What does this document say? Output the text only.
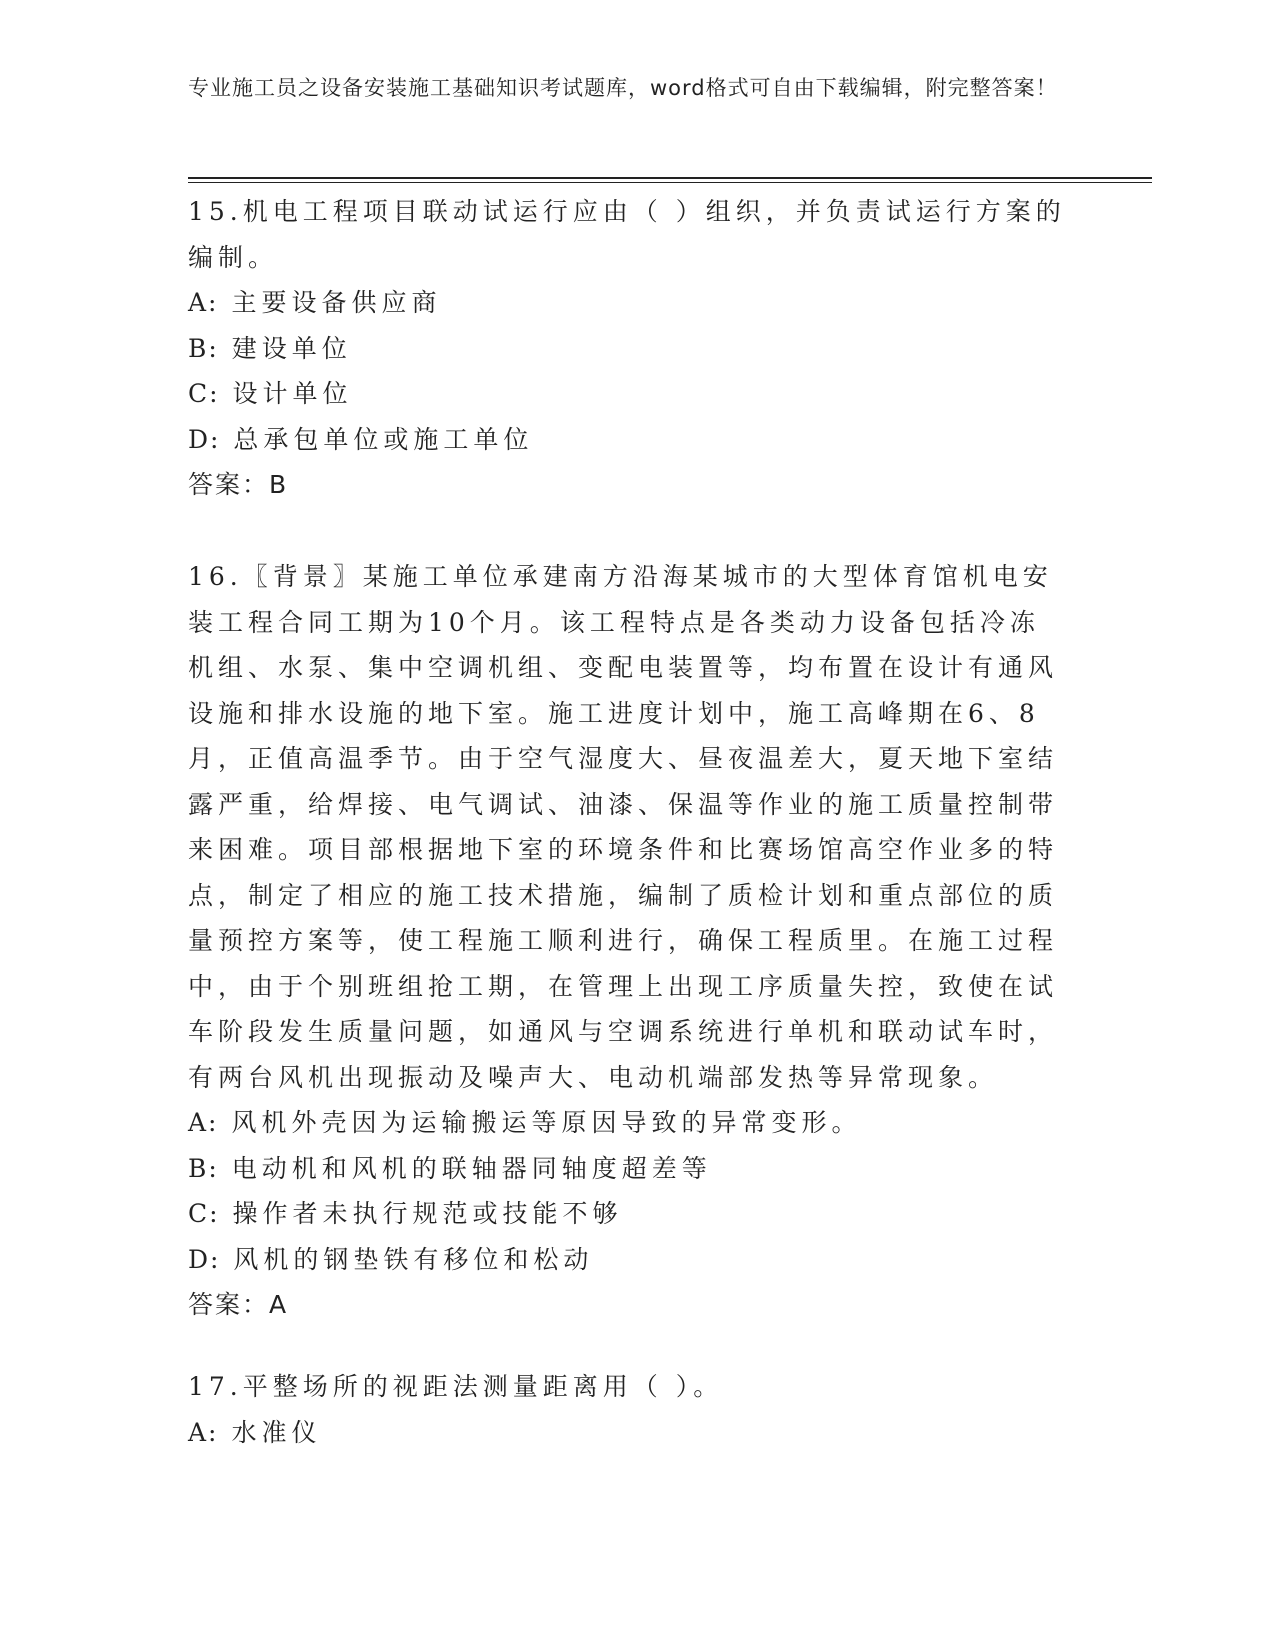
专业施工员之设备安装施工基础知识考试题库，word格式可自由下载编辑，附完整答案！

15.机电工程项目联动试运行应由（ ）组织，并负责试运行方案的编制。

A: 主要设备供应商

B: 建设单位

C: 设计单位

D: 总承包单位或施工单位

答案：B

16.〖背景〗某施工单位承建南方沿海某城市的大型体育馆机电安装工程合同工期为10个月。该工程特点是各类动力设备包括冷冻机组、水泵、集中空调机组、变配电装置等，均布置在设计有通风设施和排水设施的地下室。施工进度计划中，施工高峰期在6、8月，正值高温季节。由于空气湿度大、昼夜温差大，夏天地下室结露严重，给焊接、电气调试、油漆、保温等作业的施工质量控制带来困难。项目部根据地下室的环境条件和比赛场馆高空作业多的特点，制定了相应的施工技术措施，编制了质检计划和重点部位的质量预控方案等，使工程施工顺利进行，确保工程质里。在施工过程中，由于个别班组抢工期，在管理上出现工序质量失控，致使在试车阶段发生质量问题，如通风与空调系统进行单机和联动试车时，有两台风机出现振动及噪声大、电动机端部发热等异常现象。

A: 风机外壳因为运输搬运等原因导致的异常变形。

B: 电动机和风机的联轴器同轴度超差等

C: 操作者未执行规范或技能不够

D: 风机的钢垫铁有移位和松动

答案：A

17.平整场所的视距法测量距离用（ ）。

A: 水准仪
